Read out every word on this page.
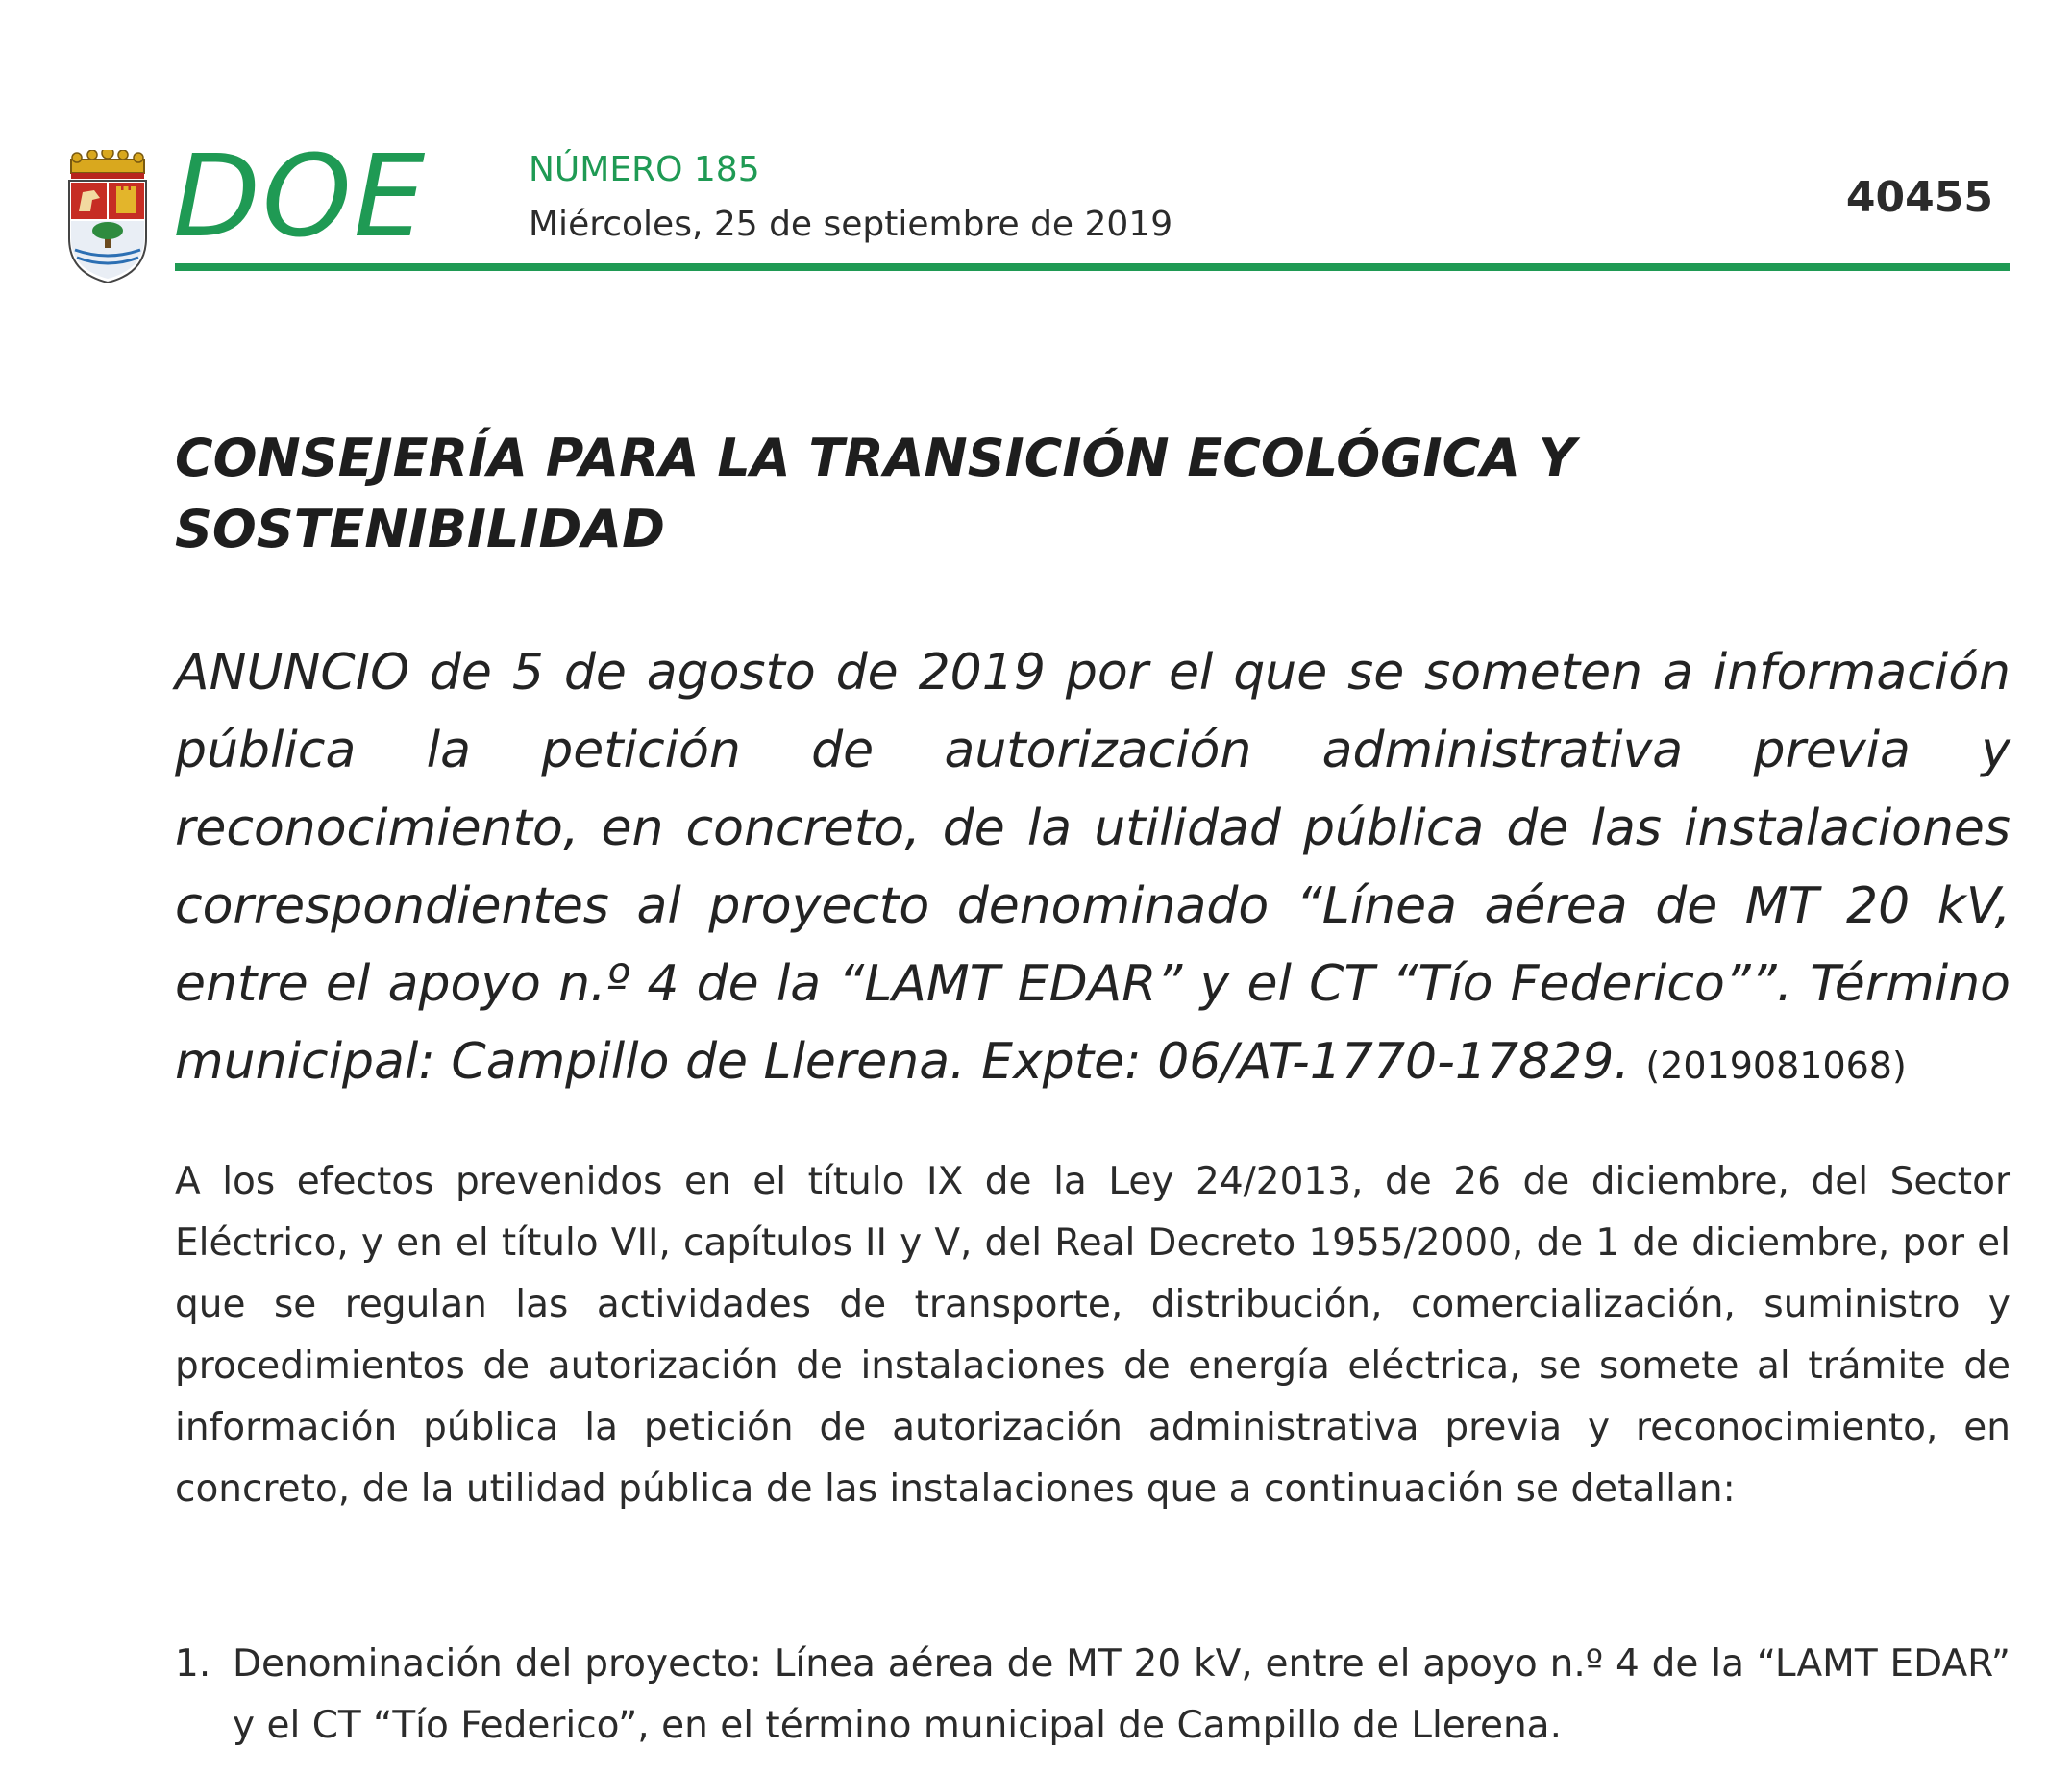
DOE	NÚMERO 185
Miércoles, 25 de septiembre de 2019
40455
CONSEJERÍA PARA LA TRANSICIÓN ECOLÓGICA Y SOSTENIBILIDAD
ANUNCIO de 5 de agosto de 2019 por el que se someten a información pública la petición de autorización administrativa previa y reconocimiento, en concreto, de la utilidad pública de las instalaciones correspondientes al proyecto denominado “Línea aérea de MT 20 kV, entre el apoyo n.º 4 de la “LAMT EDAR” y el CT “Tío Federico””. Término municipal: Campillo de Llerena. Expte: 06/AT-1770-17829. (2019081068)
A los efectos prevenidos en el título IX de la Ley 24/2013, de 26 de diciembre, del Sector Eléctrico, y en el título VII, capítulos II y V, del Real Decreto 1955/2000, de 1 de diciembre, por el que se regulan las actividades de transporte, distribución, comercialización, suministro y procedimientos de autorización de instalaciones de energía eléctrica, se somete al trámite de información pública la petición de autorización administrativa previa y reconocimiento, en concreto, de la utilidad pública de las instalaciones que a continuación se detallan:
1. Denominación del proyecto: Línea aérea de MT 20 kV, entre el apoyo n.º 4 de la “LAMT EDAR” y el CT “Tío Federico”, en el término municipal de Campillo de Llerena.
